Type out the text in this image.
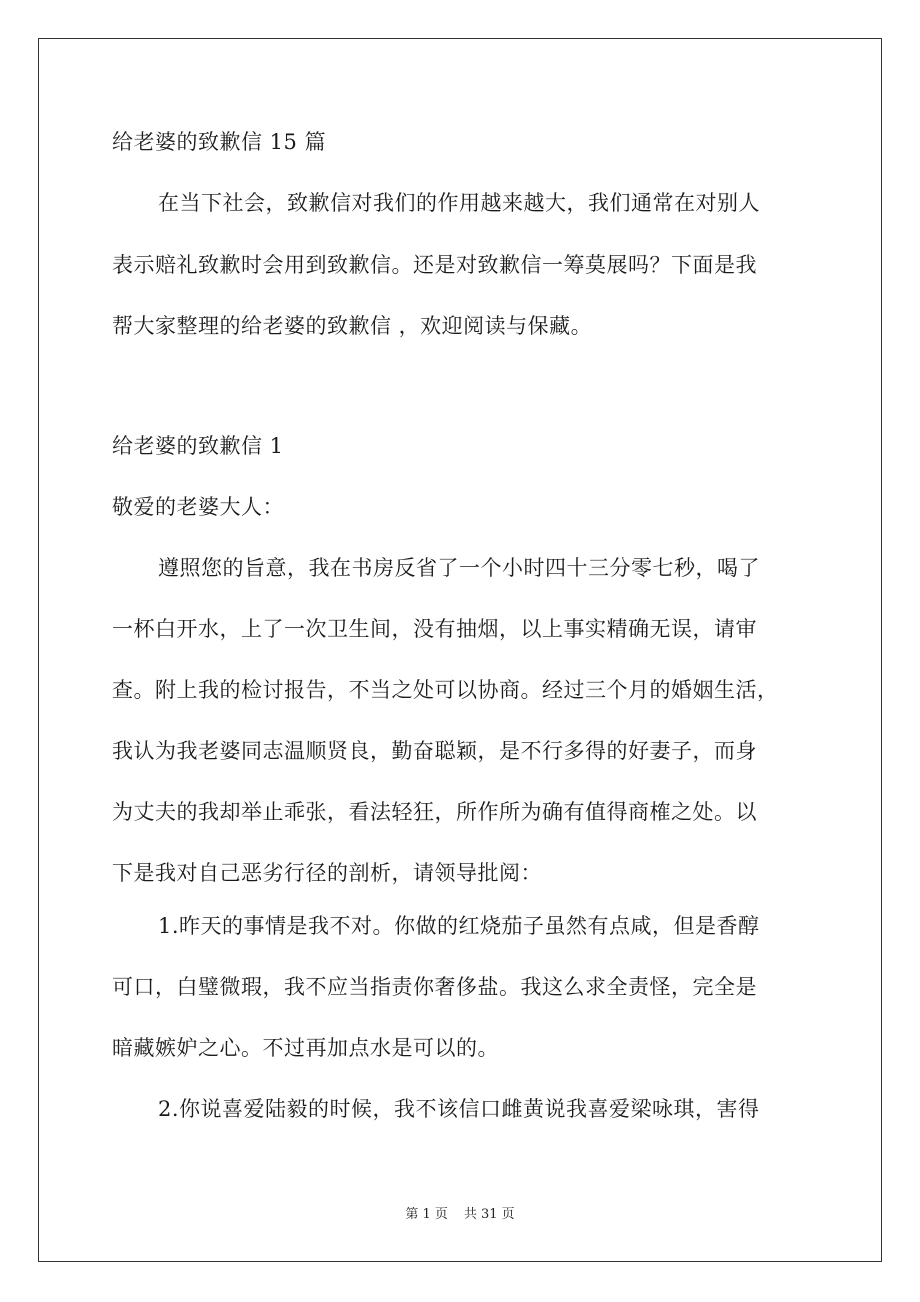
给老婆的致歉信 15 篇
在当下社会，致歉信对我们的作用越来越大，我们通常在对别人
表示赔礼致歉时会用到致歉信。还是对致歉信一筹莫展吗？下面是我
帮大家整理的给老婆的致歉信 ，欢迎阅读与保藏。
给老婆的致歉信 1
敬爱的老婆大人：
遵照您的旨意，我在书房反省了一个小时四十三分零七秒，喝了
一杯白开水，上了一次卫生间，没有抽烟，以上事实精确无误，请审
查。附上我的检讨报告，不当之处可以协商。经过三个月的婚姻生活，
我认为我老婆同志温顺贤良，勤奋聪颖，是不行多得的好妻子，而身
为丈夫的我却举止乖张，看法轻狂，所作所为确有值得商榷之处。以
下是我对自己恶劣行径的剖析，请领导批阅：
1.昨天的事情是我不对。你做的红烧茄子虽然有点咸，但是香醇
可口，白璧微瑕，我不应当指责你奢侈盐。我这么求全责怪，完全是
暗藏嫉妒之心。不过再加点水是可以的。
2.你说喜爱陆毅的时候，我不该信口雌黄说我喜爱梁咏琪，害得
第 1 页 共 31 页
